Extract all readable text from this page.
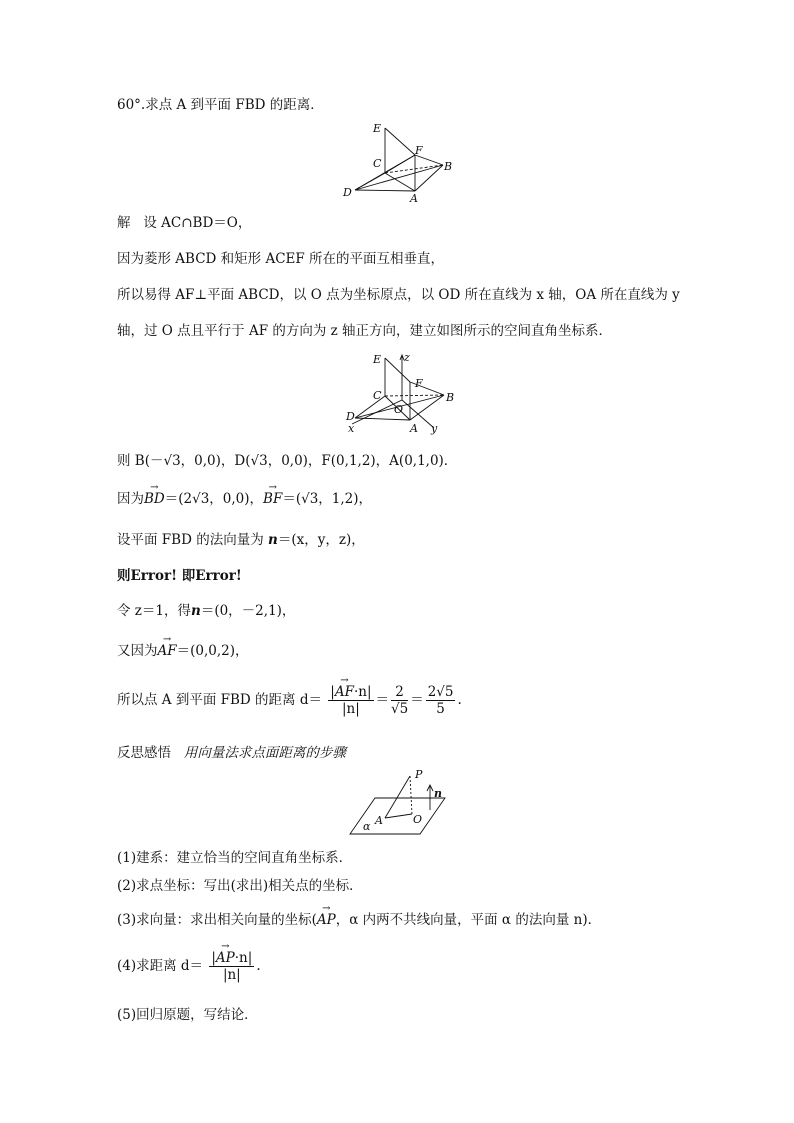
60°.求点 A 到平面 FBD 的距离．
E
C
F
B
D	A
解 设 AC∩BD＝O，
因为菱形 ABCD 和矩形 ACEF 所在的平面互相垂直，
所以易得 AF⊥平面 ABCD，以 O 点为坐标原点，以 OD 所在直线为 x 轴，OA 所在直线为 y
轴，过 O 点且平行于 AF 的方向为 z 轴正方向，建立如图所示的空间直角坐标系．
E z
C
F
B
D
O
x	A y
则 B(－√3，0,0)，D(√3，0,0)，F(0,1,2)，A(0,1,0)．
因为→ BD＝(2√3，0,0)，→ BF＝(√3，1,2)，
设平面 FBD 的法向量为 n＝(x，y，z)，
则Error! 即Error!
令 z＝1，得n＝(0，－2,1)，
又因为→ AF＝(0,0,2)，
所以点 A 到平面 FBD 的距离 $d= \frac{|\to AF\cdot n|}{|n|} = \frac{2}{√5} = \frac{2√5}{5}$ .
反思感悟 用向量法求点面距离的步骤
P
n
A	O
α
(1)建系：建立恰当的空间直角坐标系．
(2)求点坐标：写出(求出)相关点的坐标．
(3)求向量：求出相关向量的坐标(→ AP，α 内两不共线向量，平面 α 的法向量 n)．
(4)求距离 $d= \frac{|\to AP\cdot n|}{|n|}$ .
(5)回归原题，写结论．
